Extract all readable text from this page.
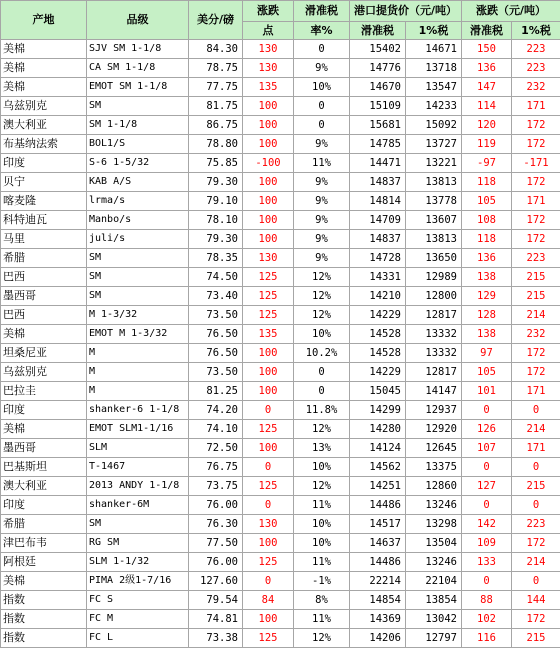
产地	品级	美分/磅	涨跌	滑准税	港口提货价（元/吨）		涨跌（元/吨）	
			点	率%	滑准税	1%税	滑准税	1%税
美棉	SJV SM 1-1/8	84.30	130	0	15402	14671	150	223
美棉	CA SM 1-1/8	78.75	130	9%	14776	13718	136	223
美棉	EMOT SM 1-1/8	77.75	135	10%	14670	13547	147	232
乌兹别克	SM	81.75	100	0	15109	14233	114	171
澳大利亚	SM 1-1/8	86.75	100	0	15681	15092	120	172
布基纳法索	BOL1/S	78.80	100	9%	14785	13727	119	172
印度	S-6 1-5/32	75.85	-100	11%	14471	13221	-97	-171
贝宁	KAB A/S	79.30	100	9%	14837	13813	118	172
喀麦隆	lrma/s	79.10	100	9%	14814	13778	105	171
科特迪瓦	Manbo/s	78.10	100	9%	14709	13607	108	172
马里	juli/s	79.30	100	9%	14837	13813	118	172
希腊	SM	78.35	130	9%	14728	13650	136	223
巴西	SM	74.50	125	12%	14331	12989	138	215
墨西哥	SM	73.40	125	12%	14210	12800	129	215
巴西	M 1-3/32	73.50	125	12%	14229	12817	128	214
美棉	EMOT M 1-3/32	76.50	135	10%	14528	13332	138	232
坦桑尼亚	M	76.50	100	10.2%	14528	13332	97	172
乌兹别克	M	73.50	100	0	14229	12817	105	172
巴拉圭	M	81.25	100	0	15045	14147	101	171
印度	shanker-6 1-1/8	74.20	0	11.8%	14299	12937	0	0
美棉	EMOT SLM1-1/16	74.10	125	12%	14280	12920	126	214
墨西哥	SLM	72.50	100	13%	14124	12645	107	171
巴基斯坦	T-1467	76.75	0	10%	14562	13375	0	0
澳大利亚	2013 ANDY 1-1/8	73.75	125	12%	14251	12860	127	215
印度	shanker-6M	76.00	0	11%	14486	13246	0	0
希腊	SM	76.30	130	10%	14517	13298	142	223
津巴布韦	RG SM	77.50	100	10%	14637	13504	109	172
阿根廷	SLM 1-1/32	76.00	125	11%	14486	13246	133	214
美棉	PIMA 2级1-7/16	127.60	0	-1%	22214	22104	0	0
指数	FC S	79.54	84	8%	14854	13854	88	144
指数	FC M	74.81	100	11%	14369	13042	102	172
指数	FC L	73.38	125	12%	14206	12797	116	215
